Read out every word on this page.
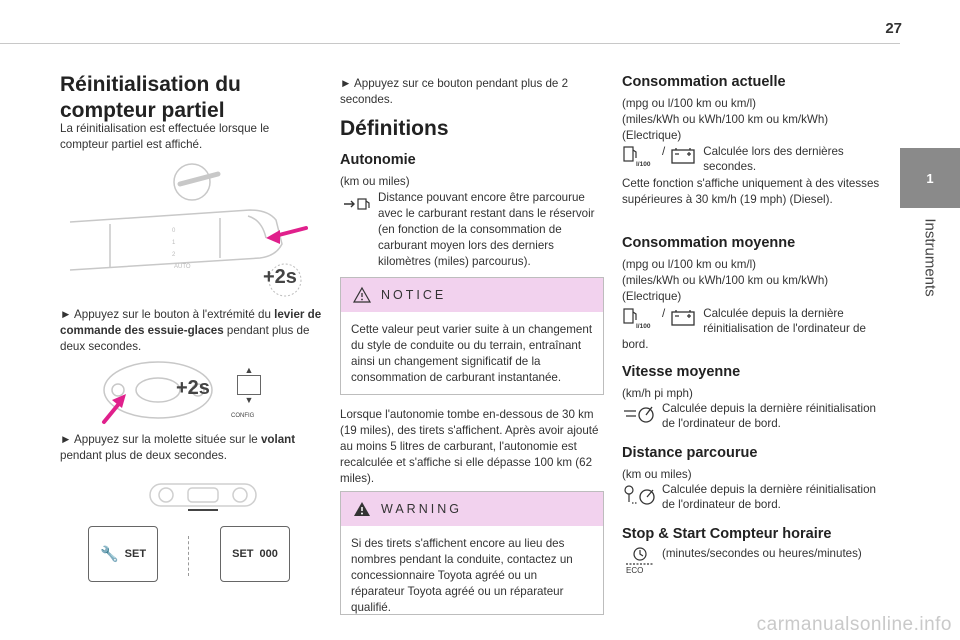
27
1
Instruments
Réinitialisation du compteur partiel
La réinitialisation est effectuée lorsque le compteur partiel est affiché.
0
1
2
AUTO	+2s
► Appuyez sur le bouton à l'extrémité du levier de commande des essuie-glaces pendant plus de deux secondes.
+2s
▲
▼
CONFIG
► Appuyez sur la molette située sur le volant pendant plus de deux secondes.
🔧 SET	SET 000
► Appuyez sur ce bouton pendant plus de 2 secondes.
Définitions
Autonomie
(km ou miles)
Distance pouvant encore être parcourue avec le carburant restant dans le réservoir (en fonction de la consommation de carburant moyen lors des derniers kilomètres (miles) parcourus).
NOTICE
Cette valeur peut varier suite à un changement du style de conduite ou du terrain, entraînant ainsi un changement significatif de la consommation de carburant instantanée.
Lorsque l'autonomie tombe en-dessous de 30 km (19 miles), des tirets s'affichent. Après avoir ajouté au moins 5 litres de carburant, l'autonomie est recalculée et s'affiche si elle dépasse 100 km (62 miles).
WARNING
Si des tirets s'affichent encore au lieu des nombres pendant la conduite, contactez un concessionnaire Toyota agréé ou un réparateur Toyota agréé ou un réparateur qualifié.
Consommation actuelle
(mpg ou l/100 km ou km/l)
(miles/kWh ou kWh/100 km ou km/kWh)
(Electrique)
l/100
/	Calculée lors des dernières secondes.
Cette fonction s'affiche uniquement à des vitesses supérieures à 30 km/h (19 mph) (Diesel).
Consommation moyenne
(mpg ou l/100 km ou km/l)
(miles/kWh ou kWh/100 km ou km/kWh)
(Electrique)
l/100
/	Calculée depuis la dernière réinitialisation de l'ordinateur de
bord.
Vitesse moyenne
(km/h pi mph)
Calculée depuis la dernière réinitialisation de l'ordinateur de bord.
Distance parcourue
(km ou miles)
Calculée depuis la dernière réinitialisation de l'ordinateur de bord.
Stop & Start Compteur horaire
ECO
(minutes/secondes ou heures/minutes)
carmanualsonline.info
